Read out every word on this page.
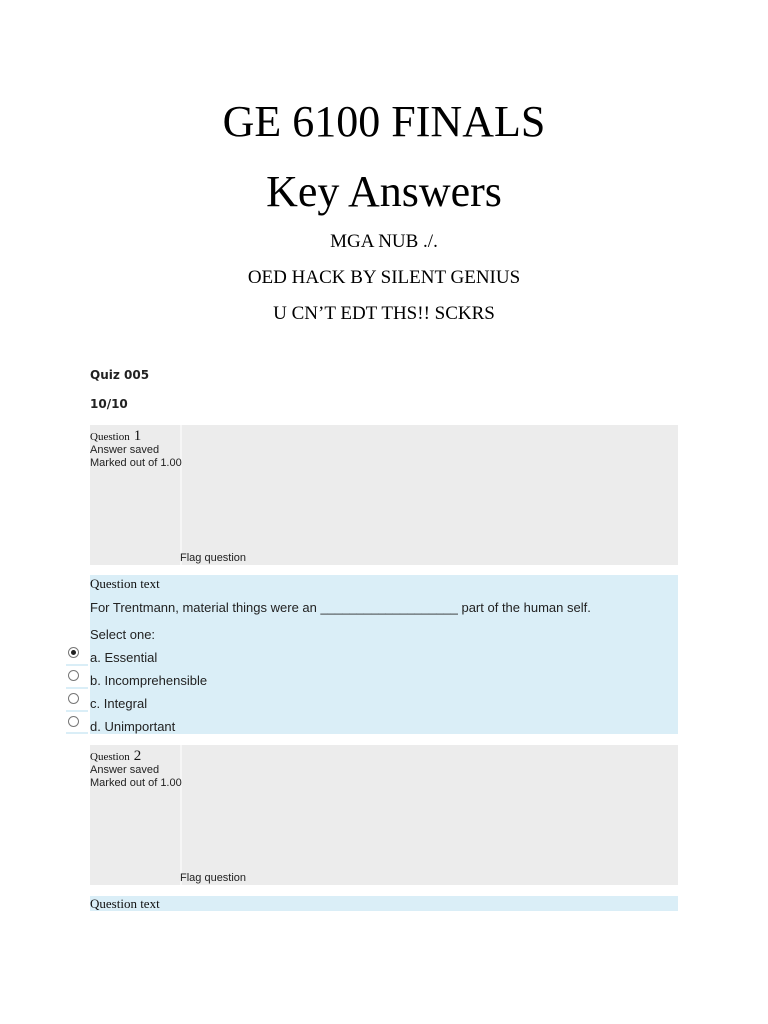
GE 6100 FINALS
Key Answers
MGA NUB ./.
OED HACK BY SILENT GENIUS
U CN’T EDT THS!! SCKRS
Quiz 005
10/10
Question 1
Answer saved
Marked out of 1.00
Flag question
Question text
For Trentmann, material things were an ___________________ part of the human self.
Select one:
a. Essential
b. Incomprehensible
c. Integral
d. Unimportant
Question 2
Answer saved
Marked out of 1.00
Flag question
Question text
